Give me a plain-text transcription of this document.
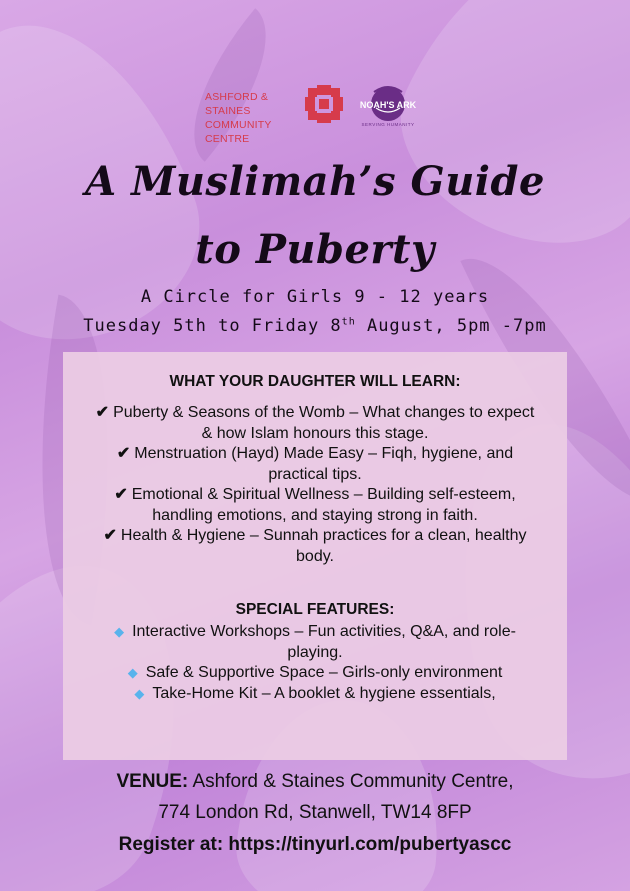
ASHFORD & STAINES
COMMUNITY CENTRE
NOAH'S ARK
SERVING HUMANITY
A Muslimah’s Guide
to Puberty
A Circle for Girls 9 - 12 years
Tuesday 5th to Friday 8th August, 5pm -7pm
WHAT YOUR DAUGHTER WILL LEARN:
✔ Puberty & Seasons of the Womb – What changes to expect & how Islam honours this stage.
✔ Menstruation (Hayd) Made Easy – Fiqh, hygiene, and practical tips.
✔ Emotional & Spiritual Wellness – Building self-esteem, handling emotions, and staying strong in faith.
✔ Health & Hygiene – Sunnah practices for a clean, healthy body.
SPECIAL FEATURES:
◆ Interactive Workshops – Fun activities, Q&A, and role-playing.
◆ Safe & Supportive Space – Girls-only environment
◆ Take-Home Kit – A booklet & hygiene essentials,
VENUE: Ashford & Staines Community Centre,
774 London Rd, Stanwell, TW14 8FP
Register at: https://tinyurl.com/pubertyascc
